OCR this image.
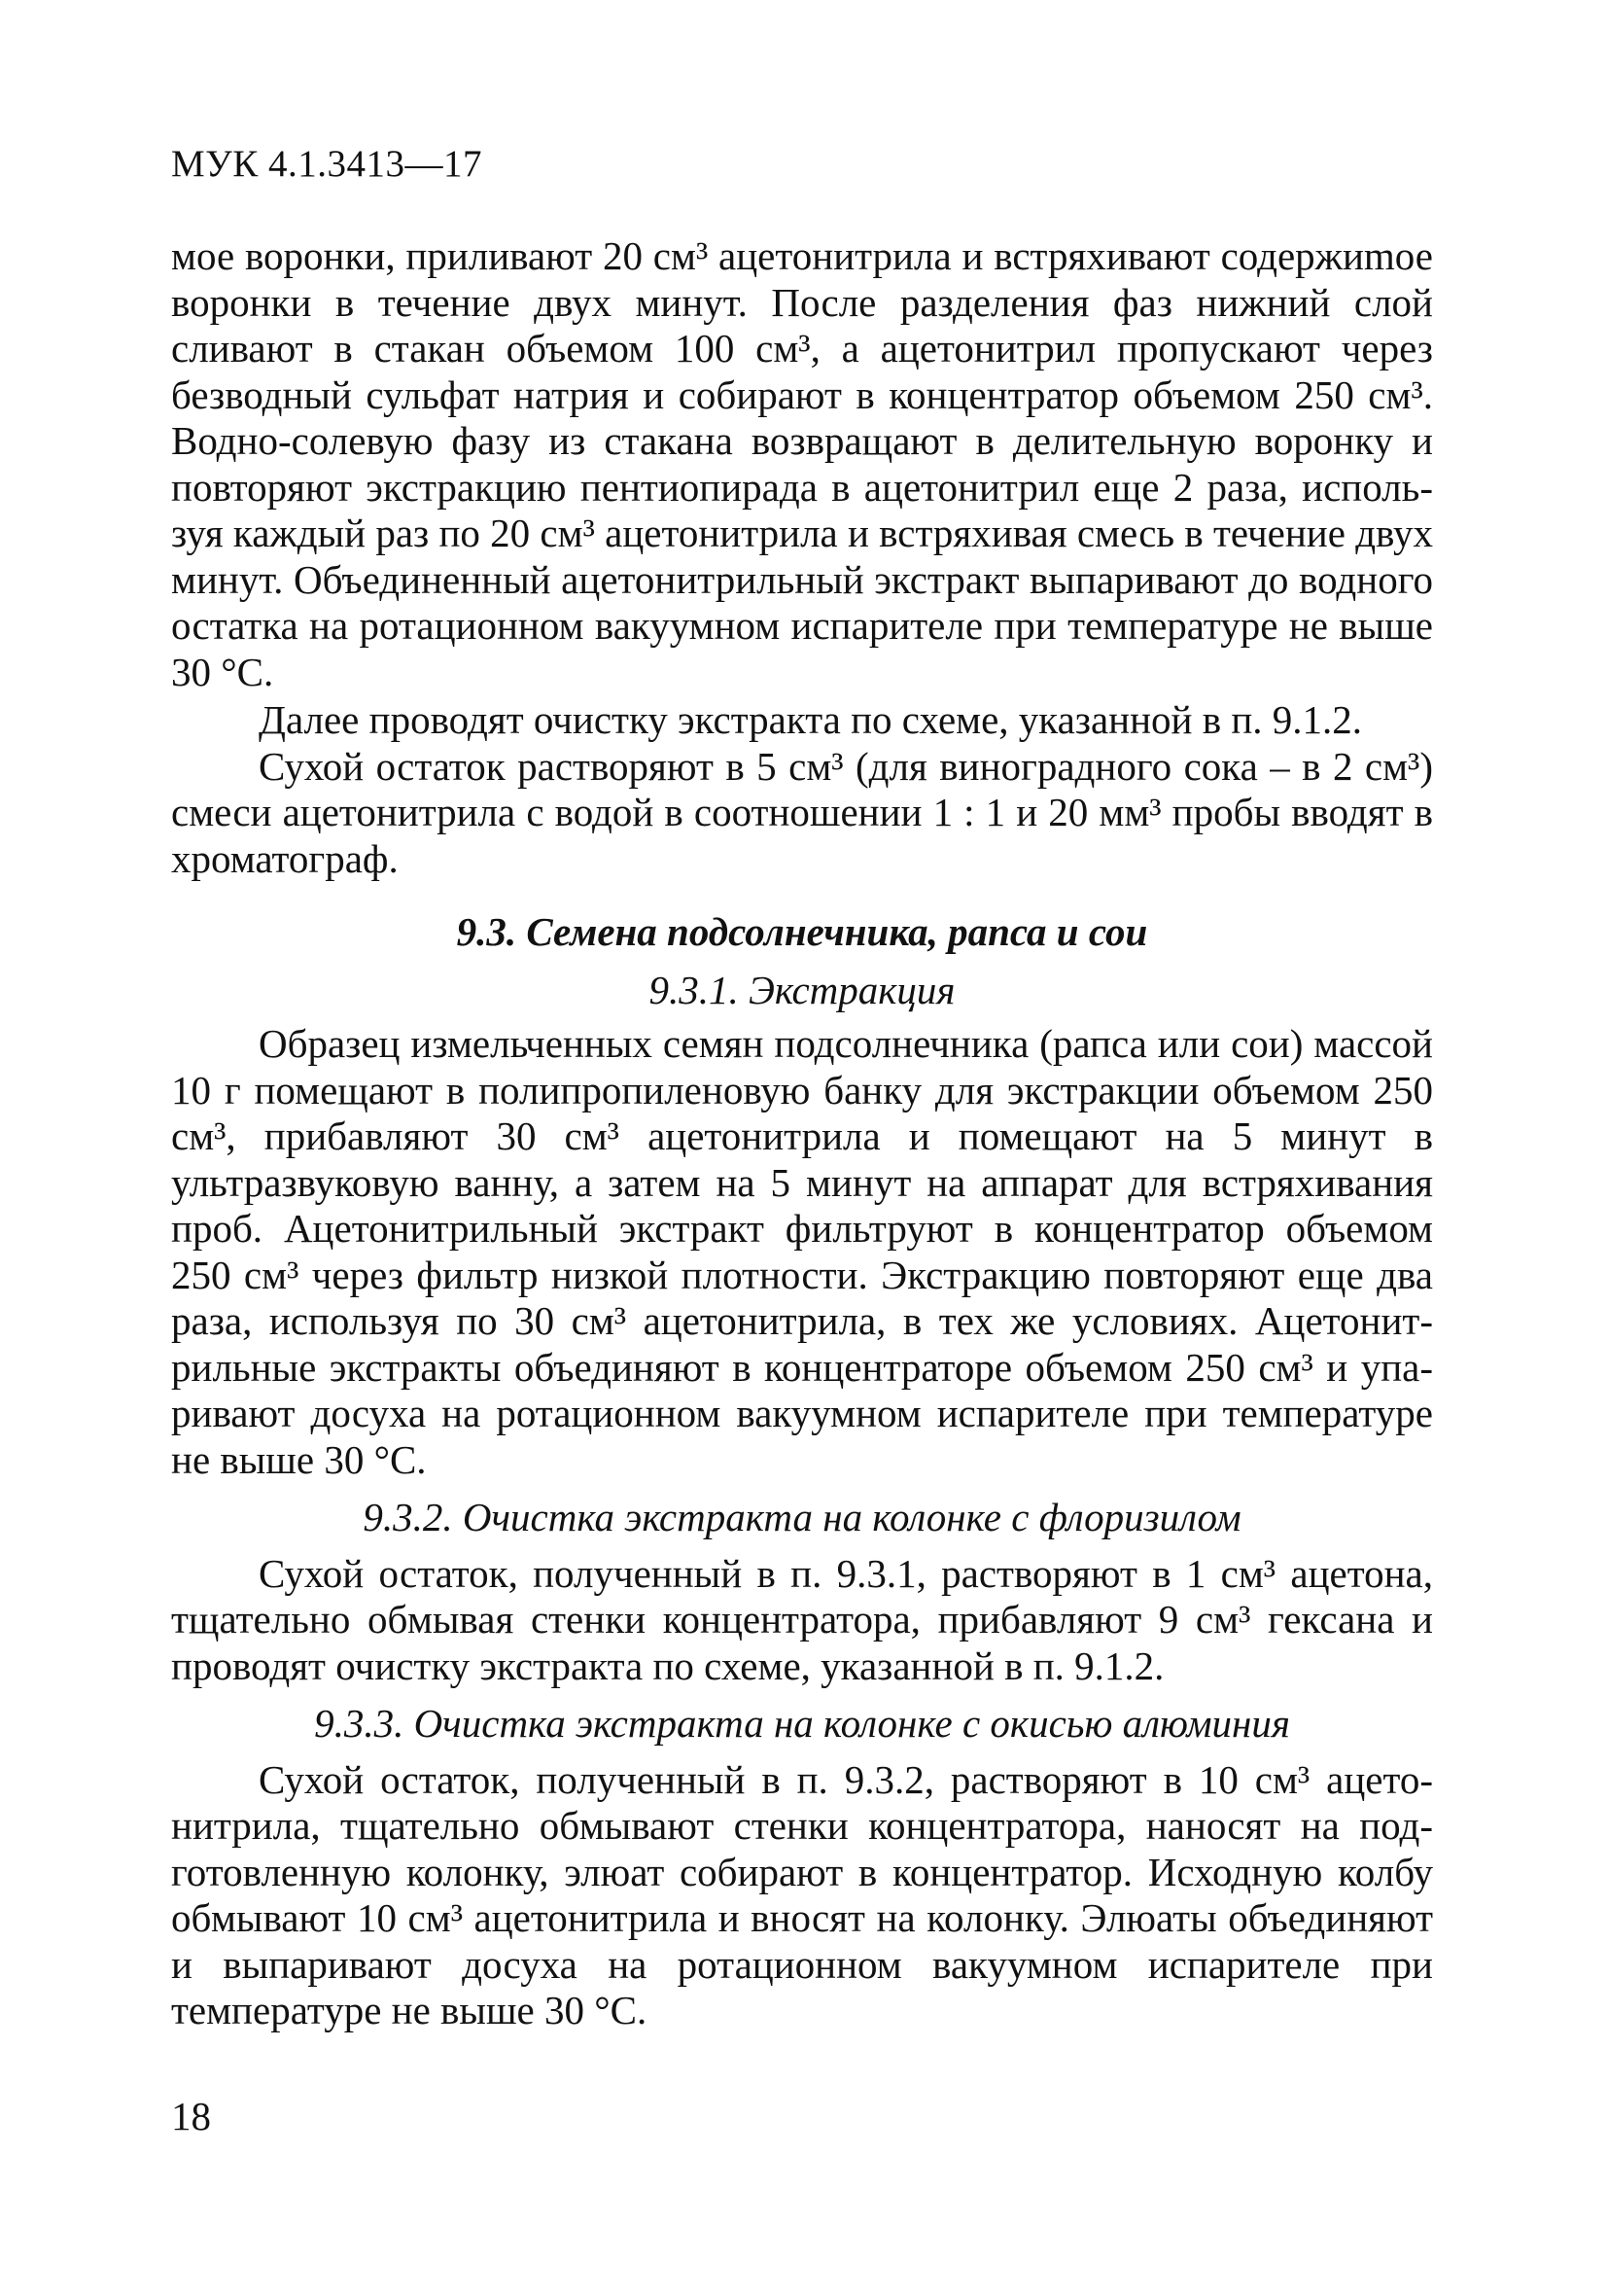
МУК 4.1.3413—17

мое воронки, приливают 20 см³ ацетонитрила и встряхивают содержиmое воронки в течение двух минут. После разделения фаз нижний слой сливают в стакан объемом 100 см³, а ацетонитрил пропускают через безводный сульфат натрия и собирают в концентратор объемом 250 см³. Водно-солевую фазу из стакана возвращают в делительную воронку и повторяют экстракцию пентиопирада в ацетонитрил еще 2 раза, используя каждый раз по 20 см³ ацетонитрила и встряхивая смесь в течение двух минут. Объединенный ацетонитрильный экстракт выпаривают до водного остатка на ротационном вакуумном испарителе при температуре не выше 30 °С.

Далее проводят очистку экстракта по схеме, указанной в п. 9.1.2.

Сухой остаток растворяют в 5 см³ (для виноградного сока – в 2 см³) смеси ацетонитрила с водой в соотношении 1 : 1 и 20 мм³ пробы вводят в хроматограф.

9.3. Семена подсолнечника, рапса и сои
9.3.1. Экстракция

Образец измельченных семян подсолнечника (рапса или сои) массой 10 г помещают в полипропиленовую банку для экстракции объемом 250 см³, прибавляют 30 см³ ацетонитрила и помещают на 5 минут в ультразвуковую ванну, а затем на 5 минут на аппарат для встряхивания проб. Ацетонитрильный экстракт фильтруют в концентратор объемом 250 см³ через фильтр низкой плотности. Экстракцию повторяют еще два раза, используя по 30 см³ ацетонитрила, в тех же условиях. Ацетонитрильные экстракты объединяют в концентраторе объемом 250 см³ и упаривают досуха на ротационном вакуумном испарителе при температуре не выше 30 °С.

9.3.2. Очистка экстракта на колонке с флоризилом

Сухой остаток, полученный в п. 9.3.1, растворяют в 1 см³ ацетона, тщательно обмывая стенки концентратора, прибавляют 9 см³ гексана и проводят очистку экстракта по схеме, указанной в п. 9.1.2.

9.3.3. Очистка экстракта на колонке с окисью алюминия

Сухой остаток, полученный в п. 9.3.2, растворяют в 10 см³ ацетонитрила, тщательно обмывают стенки концентратора, наносят на подготовленную колонку, элюат собирают в концентратор. Исходную колбу обмывают 10 см³ ацетонитрила и вносят на колонку. Элюаты объединяют и выпаривают досуха на ротационном вакуумном испарителе при температуре не выше 30 °С.

18
